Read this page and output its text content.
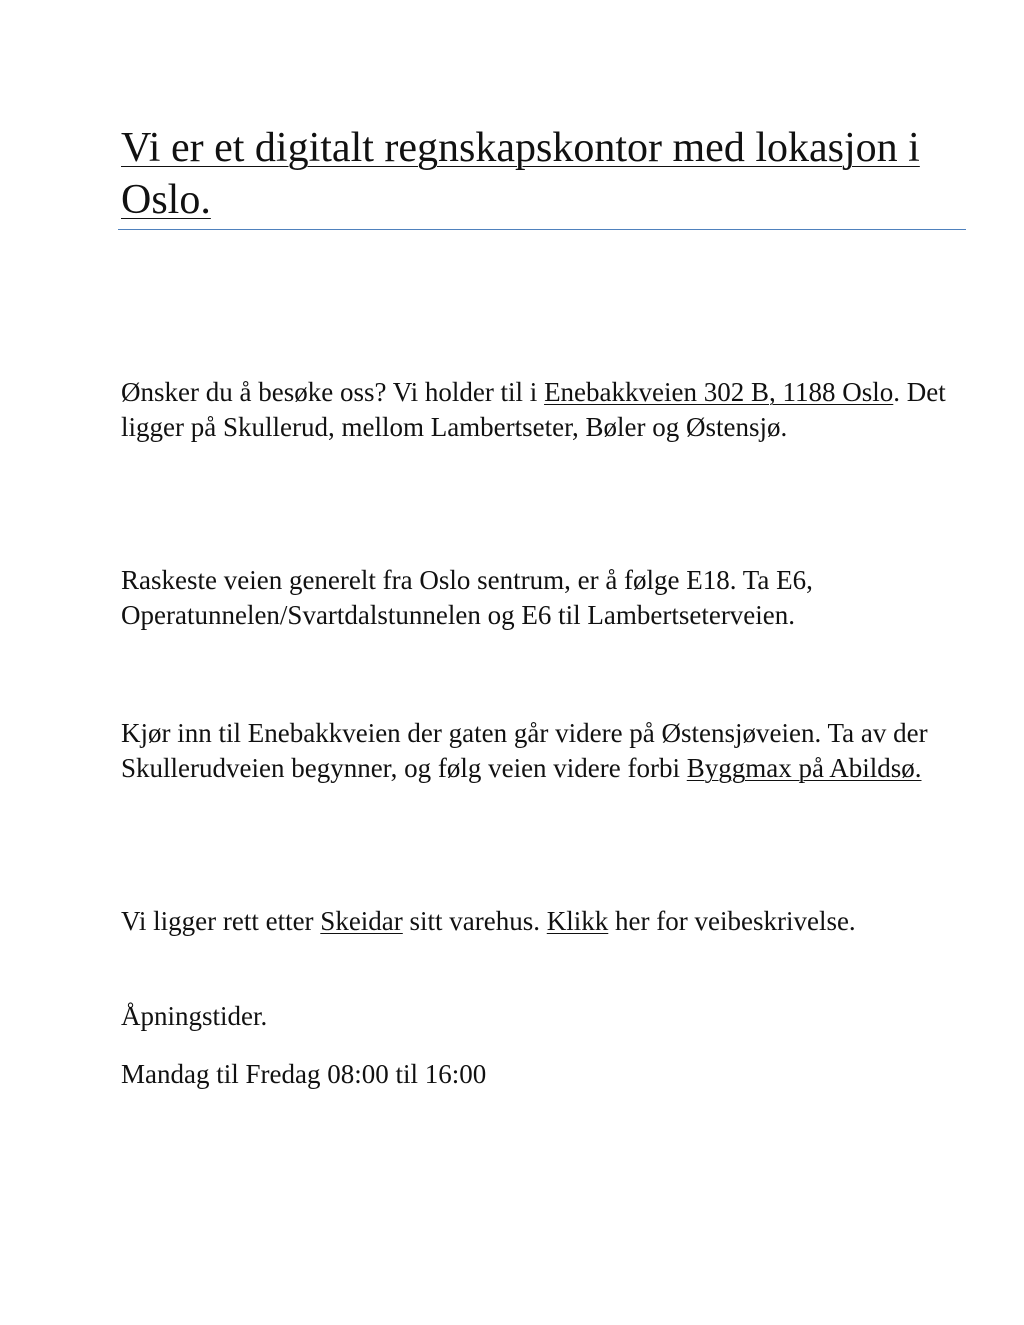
Vi er et digitalt regnskapskontor med lokasjon i Oslo.

Ønsker du å besøke oss? Vi holder til i Enebakkveien 302 B, 1188 Oslo. Det ligger på Skullerud, mellom Lambertseter, Bøler og Østensjø.

Raskeste veien generelt fra Oslo sentrum, er å følge E18. Ta E6, Operatunnelen/Svartdalstunnelen og E6 til Lambertseterveien.

Kjør inn til Enebakkveien der gaten går videre på Østensjøveien. Ta av der Skullerudveien begynner, og følg veien videre forbi Byggmax på Abildsø.

Vi ligger rett etter Skeidar sitt varehus. Klikk her for veibeskrivelse.

Åpningstider.

Mandag til Fredag 08:00 til 16:00
